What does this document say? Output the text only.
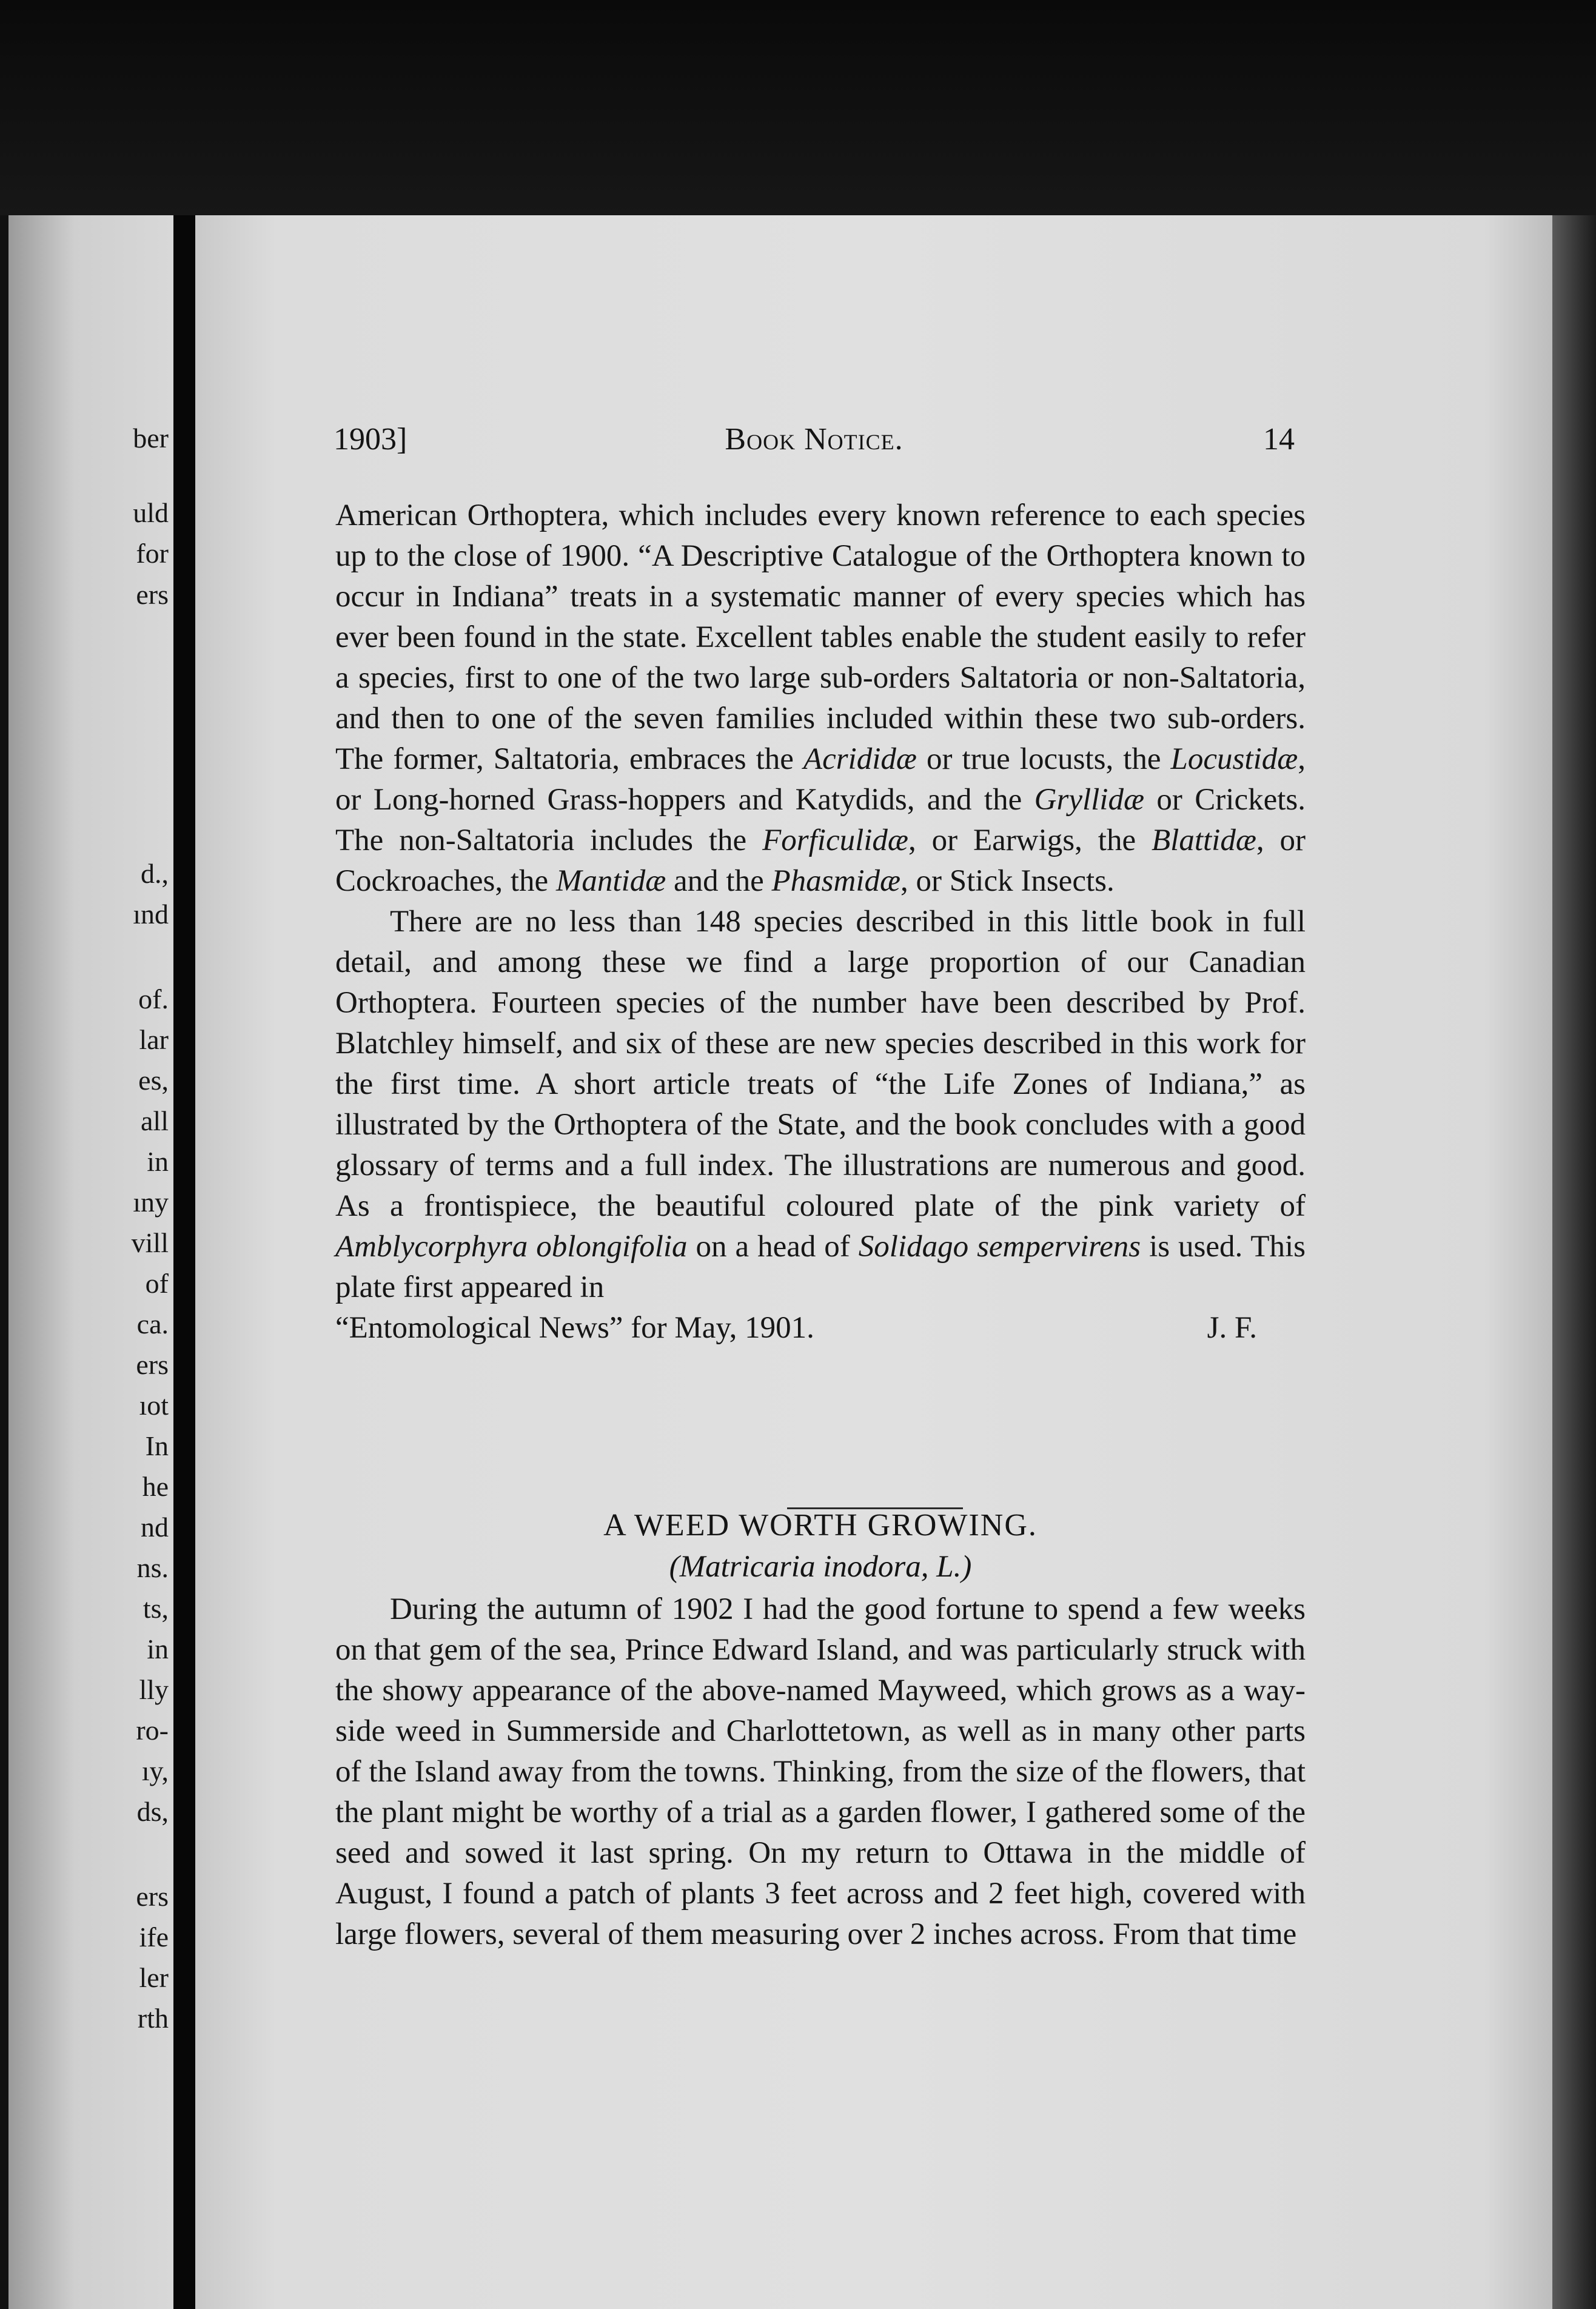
ber
uld
for
ers
d.,
ınd
of.
lar
es,
all
in
ıny
vill
of
ca.
ers
ıot
In
he
nd
ns.
ts,
in
lly
ro-
ıy,
ds,
ers
ife
ler
rth
1903]	Book Notice.	14

American Orthoptera, which includes every known reference to each species up to the close of 1900. “A Descriptive Catalogue of the Orthoptera known to occur in Indiana” treats in a systematic manner of every species which has ever been found in the state. Excellent tables enable the student easily to refer a species, first to one of the two large sub-orders Saltatoria or non-Saltatoria, and then to one of the seven families included within these two sub-orders. The former, Saltatoria, embraces the Acrididæ or true locusts, the Locustidæ, or Long-horned Grass-hoppers and Katydids, and the Gryllidæ or Crickets. The non-Saltatoria includes the Forficulidæ, or Earwigs, the Blattidæ, or Cockroaches, the Mantidæ and the Phasmidæ, or Stick Insects.

There are no less than 148 species described in this little book in full detail, and among these we find a large proportion of our Canadian Orthoptera. Fourteen species of the number have been described by Prof. Blatchley himself, and six of these are new species described in this work for the first time. A short article treats of “the Life Zones of Indiana,” as illustrated by the Orthoptera of the State, and the book concludes with a good glossary of terms and a full index. The illustrations are numerous and good. As a frontispiece, the beautiful coloured plate of the pink variety of Amblycorphyra oblongifolia on a head of Solidago sempervirens is used. This plate first appeared in

“Entomological News” for May, 1901.	J. F.
A WEED WORTH GROWING.
(Matricaria inodora, L.)

During the autumn of 1902 I had the good fortune to spend a few weeks on that gem of the sea, Prince Edward Island, and was particularly struck with the showy appearance of the above-named Mayweed, which grows as a way-side weed in Summerside and Charlottetown, as well as in many other parts of the Island away from the towns. Thinking, from the size of the flowers, that the plant might be worthy of a trial as a garden flower, I gathered some of the seed and sowed it last spring. On my return to Ottawa in the middle of August, I found a patch of plants 3 feet across and 2 feet high, covered with large flowers, several of them measuring over 2 inches across. From that time
